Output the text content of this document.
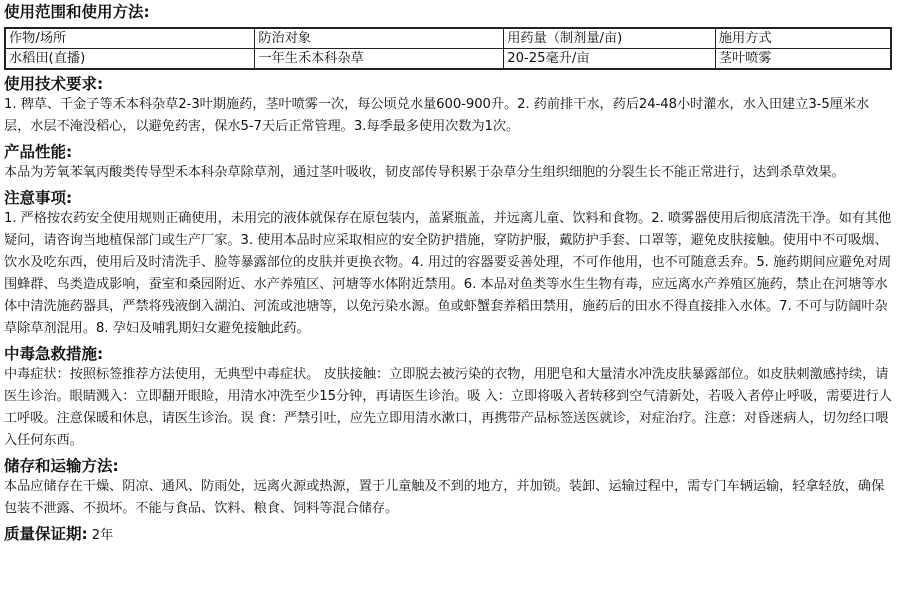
使用范围和使用方法:
作物/场所	防治对象	用药量（制剂量/亩)	施用方式
水稻田(直播)	一年生禾本科杂草	20-25毫升/亩	茎叶喷雾
使用技术要求:

1. 稗草、千金子等禾本科杂草2-3叶期施药，茎叶喷雾一次，每公顷兑水量600-900升。2. 药前排干水，药后24-48小时灌水，水入田建立3-5厘米水层，水层不淹没稻心，以避免药害，保水5-7天后正常管理。3.每季最多使用次数为1次。

产品性能:

本品为芳氧苯氧丙酸类传导型禾本科杂草除草剂，通过茎叶吸收，韧皮部传导积累于杂草分生组织细胞的分裂生长不能正常进行，达到杀草效果。

注意事项:

1. 严格按农药安全使用规则正确使用，未用完的液体就保存在原包装内，盖紧瓶盖，并远离儿童、饮料和食物。2. 喷雾器使用后彻底清洗干净。如有其他疑问，请咨询当地植保部门或生产厂家。3. 使用本品时应采取相应的安全防护措施，穿防护服，戴防护手套、口罩等，避免皮肤接触。使用中不可吸烟、饮水及吃东西，使用后及时清洗手、脸等暴露部位的皮肤并更换衣物。4. 用过的容器要妥善处理，不可作他用，也不可随意丢弃。5. 施药期间应避免对周围蜂群、鸟类造成影响，蚕室和桑园附近、水产养殖区、河塘等水体附近禁用。6. 本品对鱼类等水生生物有毒，应远离水产养殖区施药，禁止在河塘等水体中清洗施药器具，严禁将残液倒入湖泊、河流或池塘等，以免污染水源。鱼或虾蟹套养稻田禁用，施药后的田水不得直接排入水体。7. 不可与防阔叶杂草除草剂混用。8. 孕妇及哺乳期妇女避免接触此药。

中毒急救措施:

中毒症状：按照标签推荐方法使用，无典型中毒症状。 皮肤接触：立即脱去被污染的衣物，用肥皂和大量清水冲洗皮肤暴露部位。如皮肤刺激感持续，请医生诊治。眼睛溅入：立即翻开眼睑，用清水冲洗至少15分钟，再请医生诊治。吸 入：立即将吸入者转移到空气清新处，若吸入者停止呼吸，需要进行人工呼吸。注意保暖和休息，请医生诊治。误 食：严禁引吐，应先立即用清水漱口，再携带产品标签送医就诊，对症治疗。注意：对昏迷病人，切勿经口喂入任何东西。

储存和运输方法:

本品应储存在干燥、阴凉、通风、防雨处，远离火源或热源，置于儿童触及不到的地方，并加锁。装卸、运输过程中，需专门车辆运输，轻拿轻放，确保包装不泄露、不损坏。不能与食品、饮料、粮食、饲料等混合储存。

质量保证期: 2年
